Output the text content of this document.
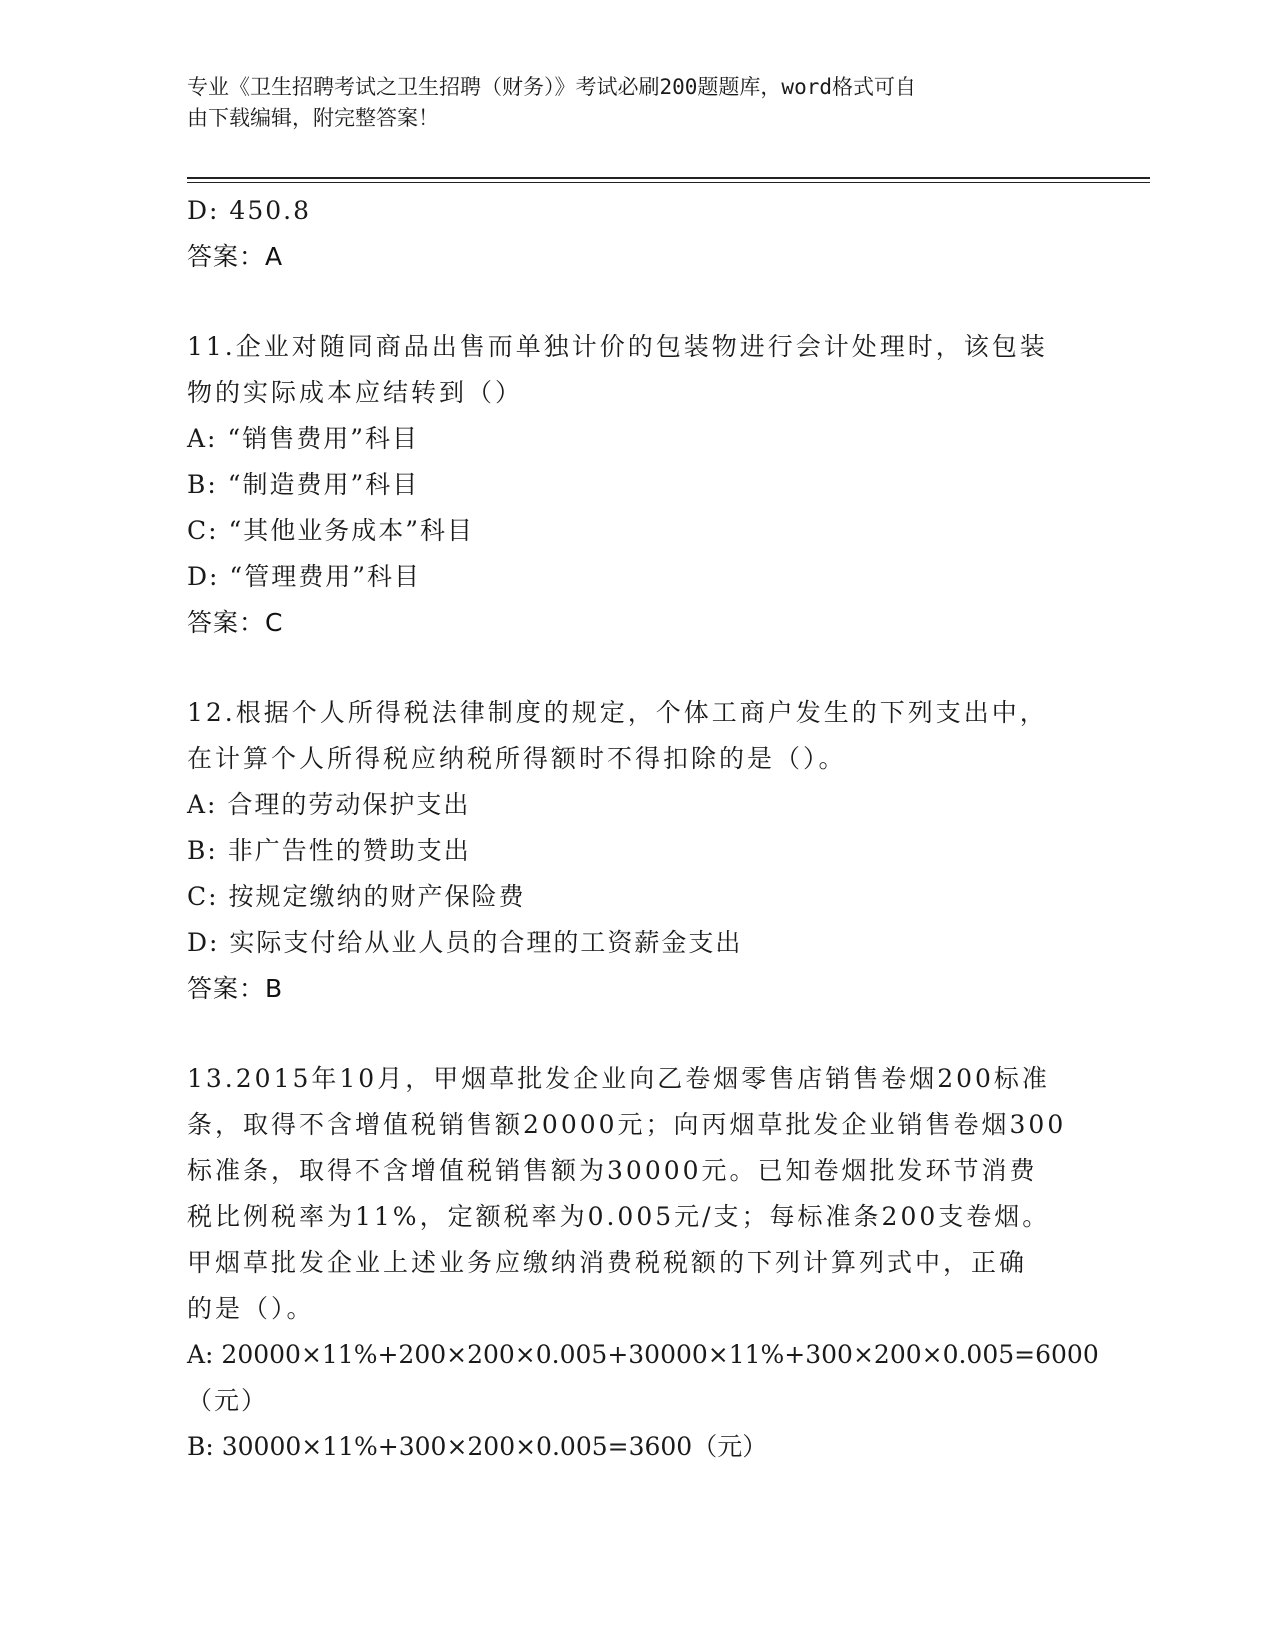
专业《卫生招聘考试之卫生招聘（财务）》考试必刷200题题库，word格式可自
由下载编辑，附完整答案！
D: 450.8
答案：A
11.企业对随同商品出售而单独计价的包装物进行会计处理时，该包装
物的实际成本应结转到（）
A: “销售费用”科目
B: “制造费用”科目
C: “其他业务成本”科目
D: “管理费用”科目
答案：C
12.根据个人所得税法律制度的规定，个体工商户发生的下列支出中，
在计算个人所得税应纳税所得额时不得扣除的是（）。
A: 合理的劳动保护支出
B: 非广告性的赞助支出
C: 按规定缴纳的财产保险费
D: 实际支付给从业人员的合理的工资薪金支出
答案：B
13.2015年10月，甲烟草批发企业向乙卷烟零售店销售卷烟200标准
条，取得不含增值税销售额20000元；向丙烟草批发企业销售卷烟300
标准条，取得不含增值税销售额为30000元。已知卷烟批发环节消费
税比例税率为11%，定额税率为0.005元/支；每标准条200支卷烟。
甲烟草批发企业上述业务应缴纳消费税税额的下列计算列式中，正确
的是（）。
A: 20000×11%+200×200×0.005+30000×11%+300×200×0.005=6000
（元）
B: 30000×11%+300×200×0.005=3600（元）
